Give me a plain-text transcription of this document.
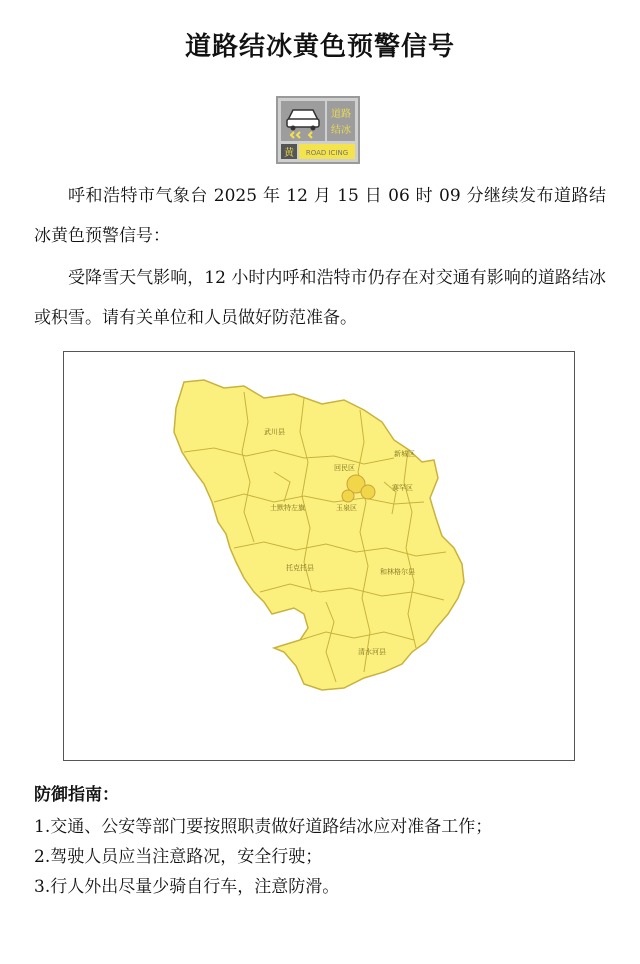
道路结冰黄色预警信号
道路
结冰
黄 ROAD ICING
呼和浩特市气象台 2025 年 12 月 15 日 06 时 09 分继续发布道路结冰黄色预警信号：
受降雪天气影响，12 小时内呼和浩特市仍存在对交通有影响的道路结冰或积雪。请有关单位和人员做好防范准备。
武川县
新城区
回民区
赛罕区
玉泉区
土默特左旗
托克托县	和林格尔县
清水河县
防御指南：
1.交通、公安等部门要按照职责做好道路结冰应对准备工作；
2.驾驶人员应当注意路况，安全行驶；
3.行人外出尽量少骑自行车，注意防滑。
